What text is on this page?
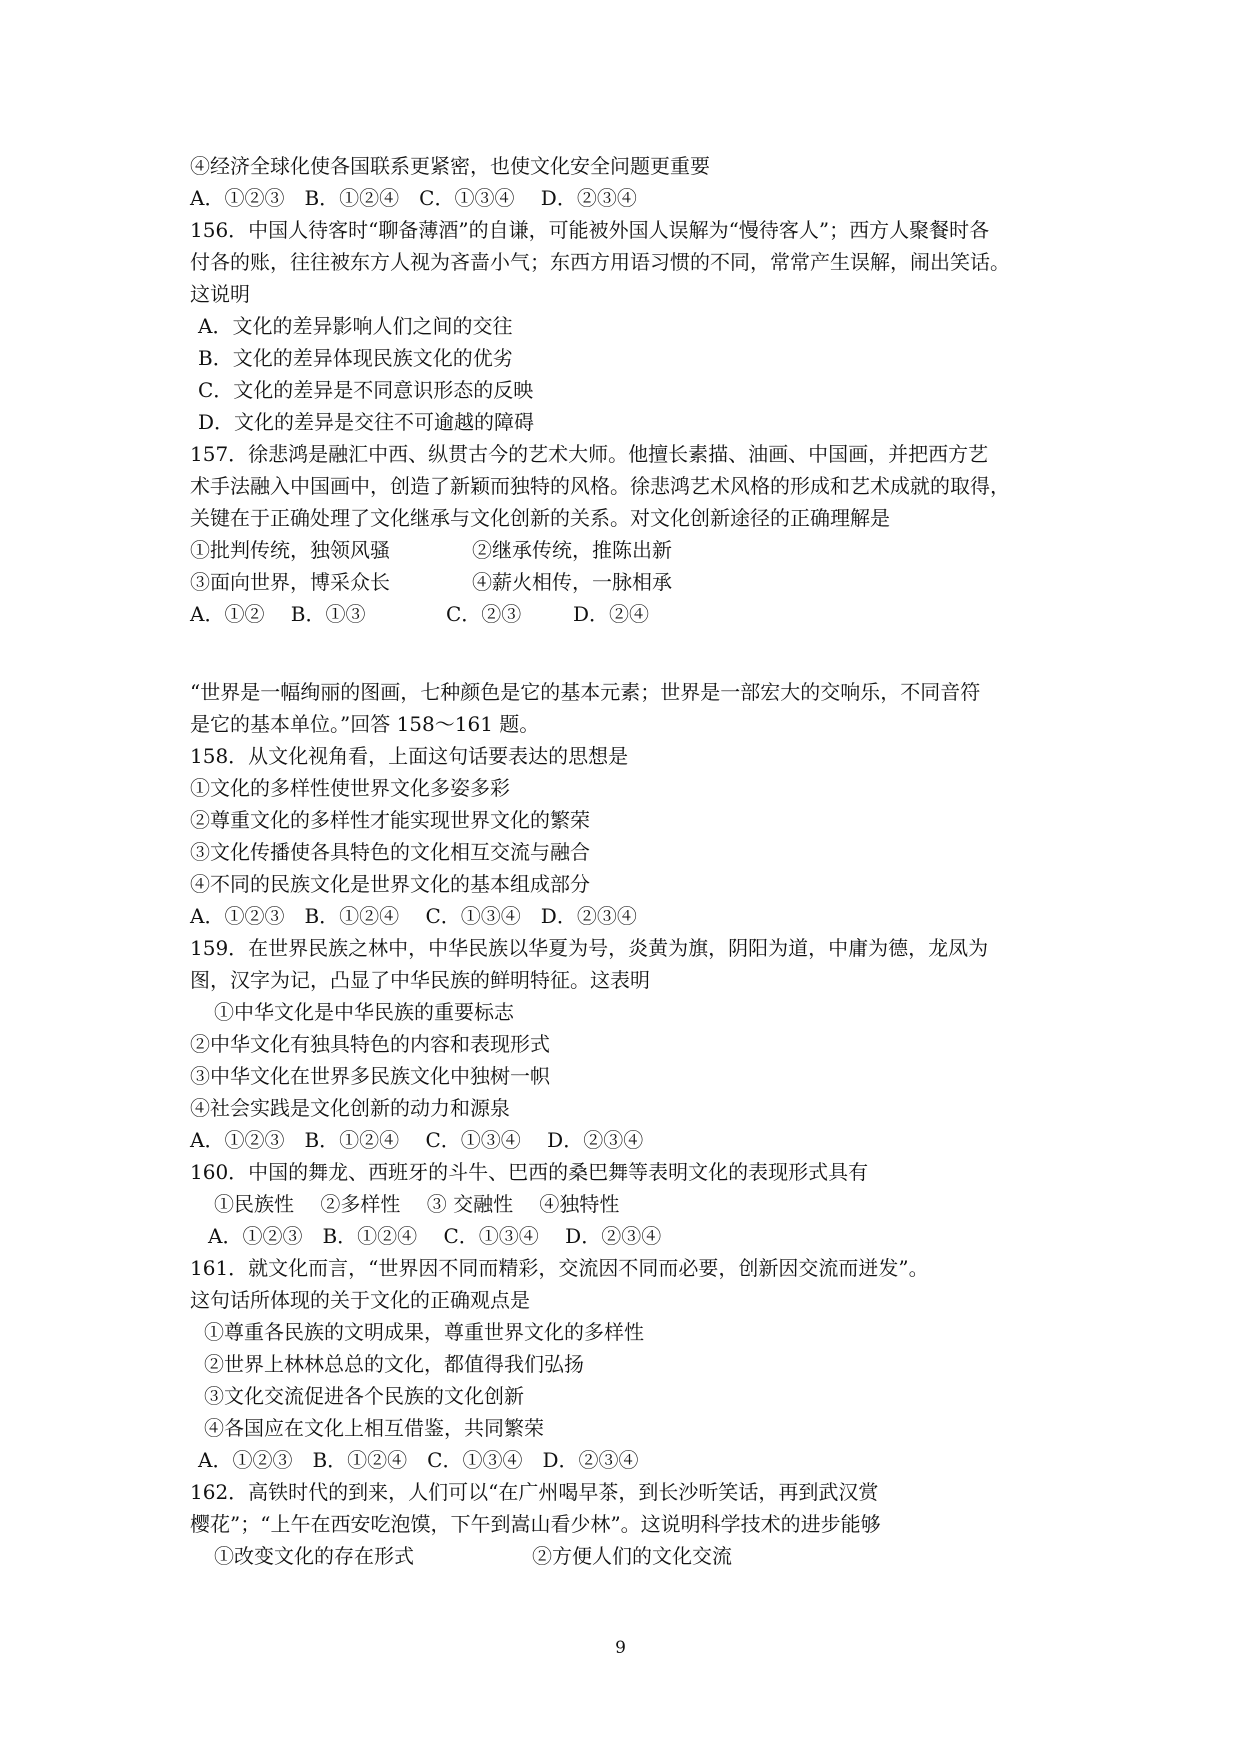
④经济全球化使各国联系更紧密，也使文化安全问题更重要
A．①②③　B．①②④　C．①③④　 D．②③④
156．中国人待客时“聊备薄酒”的自谦，可能被外国人误解为“慢待客人”；西方人聚餐时各
付各的账，往往被东方人视为吝啬小气；东西方用语习惯的不同，常常产生误解，闹出笑话。
这说明
A．文化的差异影响人们之间的交往
B．文化的差异体现民族文化的优劣
C．文化的差异是不同意识形态的反映
D．文化的差异是交往不可逾越的障碍
157．徐悲鸿是融汇中西、纵贯古今的艺术大师。他擅长素描、油画、中国画，并把西方艺
术手法融入中国画中，创造了新颖而独特的风格。徐悲鸿艺术风格的形成和艺术成就的取得，
关键在于正确处理了文化继承与文化创新的关系。对文化创新途径的正确理解是
①批判传统，独领风骚	②继承传统，推陈出新
③面向世界，博采众长	④薪火相传，一脉相承
A．①②　 B．①③	C．②③	D．②④
“世界是一幅绚丽的图画，七种颜色是它的基本元素；世界是一部宏大的交响乐，不同音符
是它的基本单位。”回答 158～161 题。
158．从文化视角看，上面这句话要表达的思想是
①文化的多样性使世界文化多姿多彩
②尊重文化的多样性才能实现世界文化的繁荣
③文化传播使各具特色的文化相互交流与融合
④不同的民族文化是世界文化的基本组成部分
A．①②③　B．①②④　 C．①③④　D．②③④
159．在世界民族之林中，中华民族以华夏为号，炎黄为旗，阴阳为道，中庸为德，龙凤为
图，汉字为记，凸显了中华民族的鲜明特征。这表明
①中华文化是中华民族的重要标志
②中华文化有独具特色的内容和表现形式
③中华文化在世界多民族文化中独树一帜
④社会实践是文化创新的动力和源泉
A．①②③　B．①②④　 C．①③④　 D．②③④
160．中国的舞龙、西班牙的斗牛、巴西的桑巴舞等表明文化的表现形式具有
①民族性　 ②多样性　 ③ 交融性　 ④独特性
A．①②③　B．①②④　 C．①③④　 D．②③④
161．就文化而言，“世界因不同而精彩，交流因不同而必要，创新因交流而迸发”。
这句话所体现的关于文化的正确观点是
①尊重各民族的文明成果，尊重世界文化的多样性
②世界上林林总总的文化，都值得我们弘扬
③文化交流促进各个民族的文化创新
④各国应在文化上相互借鉴，共同繁荣
A．①②③　B．①②④　C．①③④　D．②③④
162．高铁时代的到来，人们可以“在广州喝早茶，到长沙听笑话，再到武汉赏
樱花”；“上午在西安吃泡馍，下午到嵩山看少林”。这说明科学技术的进步能够
①改变文化的存在形式	②方便人们的文化交流
9
